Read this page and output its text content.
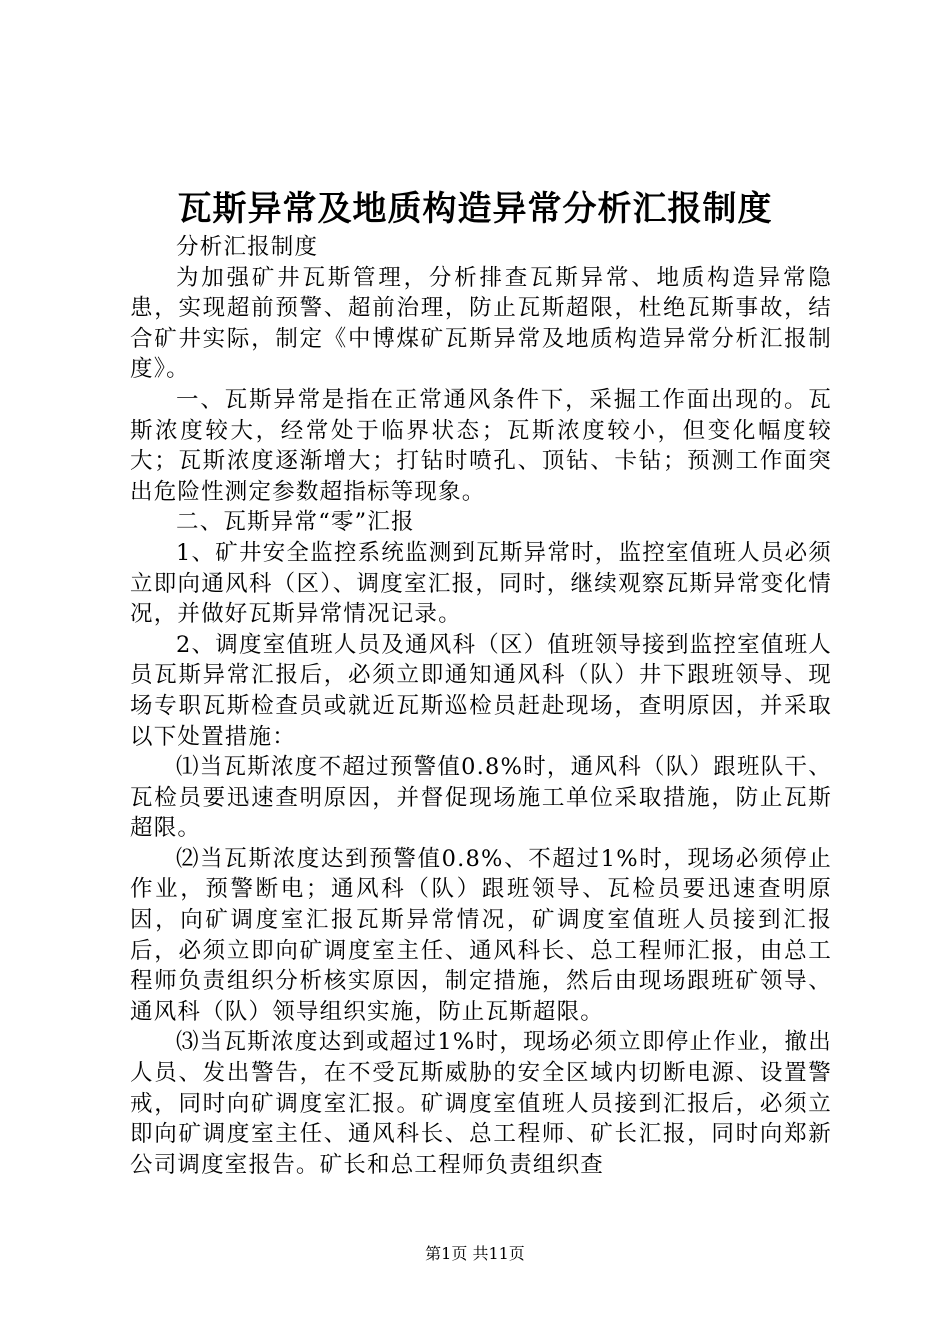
瓦斯异常及地质构造异常分析汇报制度

分析汇报制度

为加强矿井瓦斯管理，分析排查瓦斯异常、地质构造异常隐患，实现超前预警、超前治理，防止瓦斯超限，杜绝瓦斯事故，结合矿井实际，制定《中博煤矿瓦斯异常及地质构造异常分析汇报制度》。

一、瓦斯异常是指在正常通风条件下，采掘工作面出现的。瓦斯浓度较大，经常处于临界状态；瓦斯浓度较小，但变化幅度较大；瓦斯浓度逐渐增大；打钻时喷孔、顶钻、卡钻；预测工作面突出危险性测定参数超指标等现象。

二、瓦斯异常“零”汇报

1、矿井安全监控系统监测到瓦斯异常时，监控室值班人员必须立即向通风科（区）、调度室汇报，同时，继续观察瓦斯异常变化情况，并做好瓦斯异常情况记录。

2、调度室值班人员及通风科（区）值班领导接到监控室值班人员瓦斯异常汇报后，必须立即通知通风科（队）井下跟班领导、现场专职瓦斯检查员或就近瓦斯巡检员赶赴现场，查明原因，并采取以下处置措施：

⑴当瓦斯浓度不超过预警值0.8%时，通风科（队）跟班队干、瓦检员要迅速查明原因，并督促现场施工单位采取措施，防止瓦斯超限。

⑵当瓦斯浓度达到预警值0.8%、不超过1%时，现场必须停止作业，预警断电；通风科（队）跟班领导、瓦检员要迅速查明原因，向矿调度室汇报瓦斯异常情况，矿调度室值班人员接到汇报后，必须立即向矿调度室主任、通风科长、总工程师汇报，由总工程师负责组织分析核实原因，制定措施，然后由现场跟班矿领导、通风科（队）领导组织实施，防止瓦斯超限。

⑶当瓦斯浓度达到或超过1%时，现场必须立即停止作业，撤出人员、发出警告，在不受瓦斯威胁的安全区域内切断电源、设置警戒，同时向矿调度室汇报。矿调度室值班人员接到汇报后，必须立即向矿调度室主任、通风科长、总工程师、矿长汇报，同时向郑新公司调度室报告。矿长和总工程师负责组织查

第1页 共11页
